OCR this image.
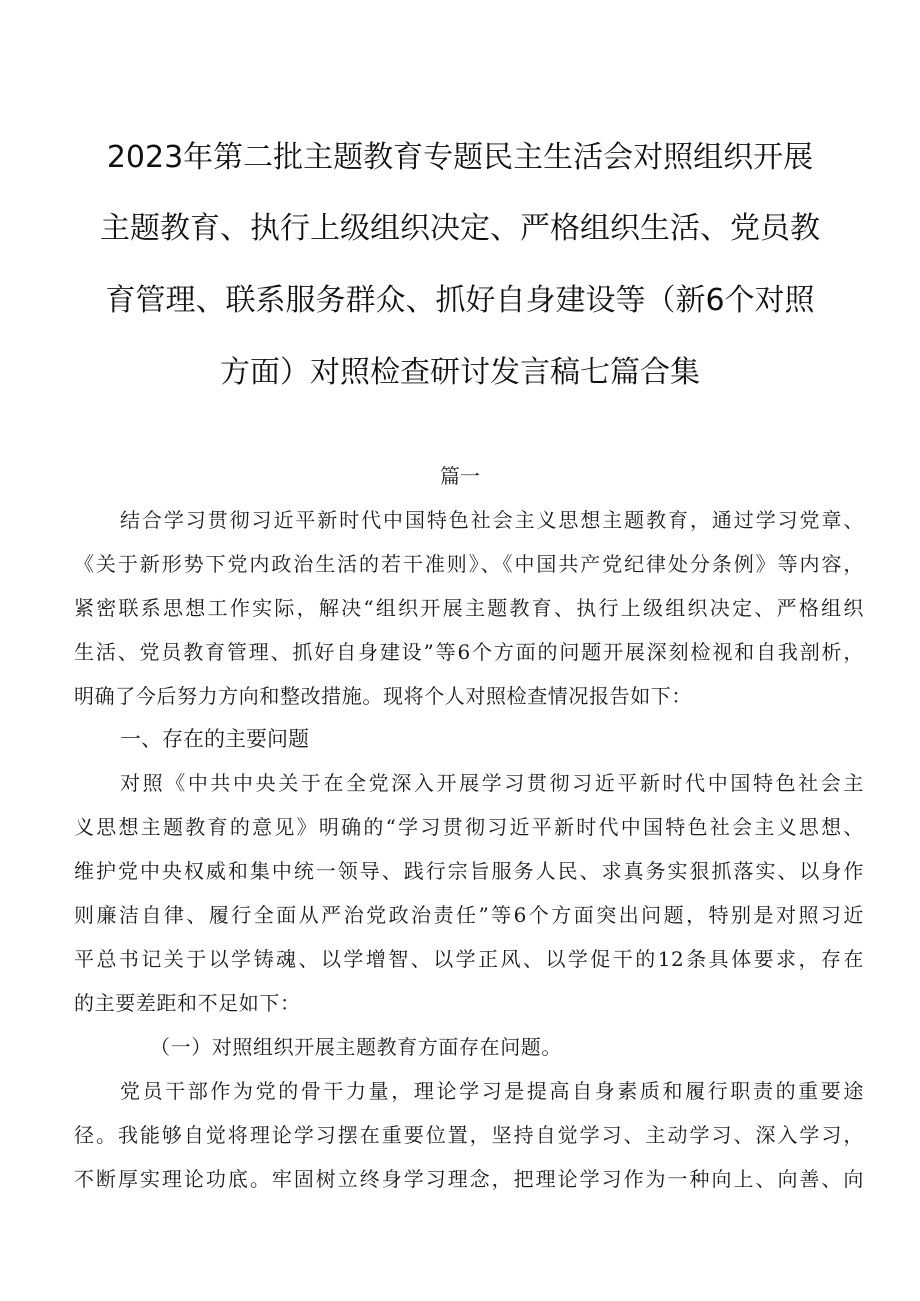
2023年第二批主题教育专题民主生活会对照组织开展
主题教育、执行上级组织决定、严格组织生活、党员教
育管理、联系服务群众、抓好自身建设等（新6个对照
方面）对照检查研讨发言稿七篇合集
篇一
结合学习贯彻习近平新时代中国特色社会主义思想主题教育，通过学习党章、
《关于新形势下党内政治生活的若干准则》、《中国共产党纪律处分条例》等内容，
紧密联系思想工作实际，解决“组织开展主题教育、执行上级组织决定、严格组织
生活、党员教育管理、抓好自身建设”等6个方面的问题开展深刻检视和自我剖析，
明确了今后努力方向和整改措施。现将个人对照检查情况报告如下：
一、存在的主要问题
对照《中共中央关于在全党深入开展学习贯彻习近平新时代中国特色社会主
义思想主题教育的意见》明确的“学习贯彻习近平新时代中国特色社会主义思想、
维护党中央权威和集中统一领导、践行宗旨服务人民、求真务实狠抓落实、以身作
则廉洁自律、履行全面从严治党政治责任”等6个方面突出问题，特别是对照习近
平总书记关于以学铸魂、以学增智、以学正风、以学促干的12条具体要求，存在
的主要差距和不足如下：
（一）对照组织开展主题教育方面存在问题。
党员干部作为党的骨干力量，理论学习是提高自身素质和履行职责的重要途
径。我能够自觉将理论学习摆在重要位置，坚持自觉学习、主动学习、深入学习，
不断厚实理论功底。牢固树立终身学习理念，把理论学习作为一种向上、向善、向
